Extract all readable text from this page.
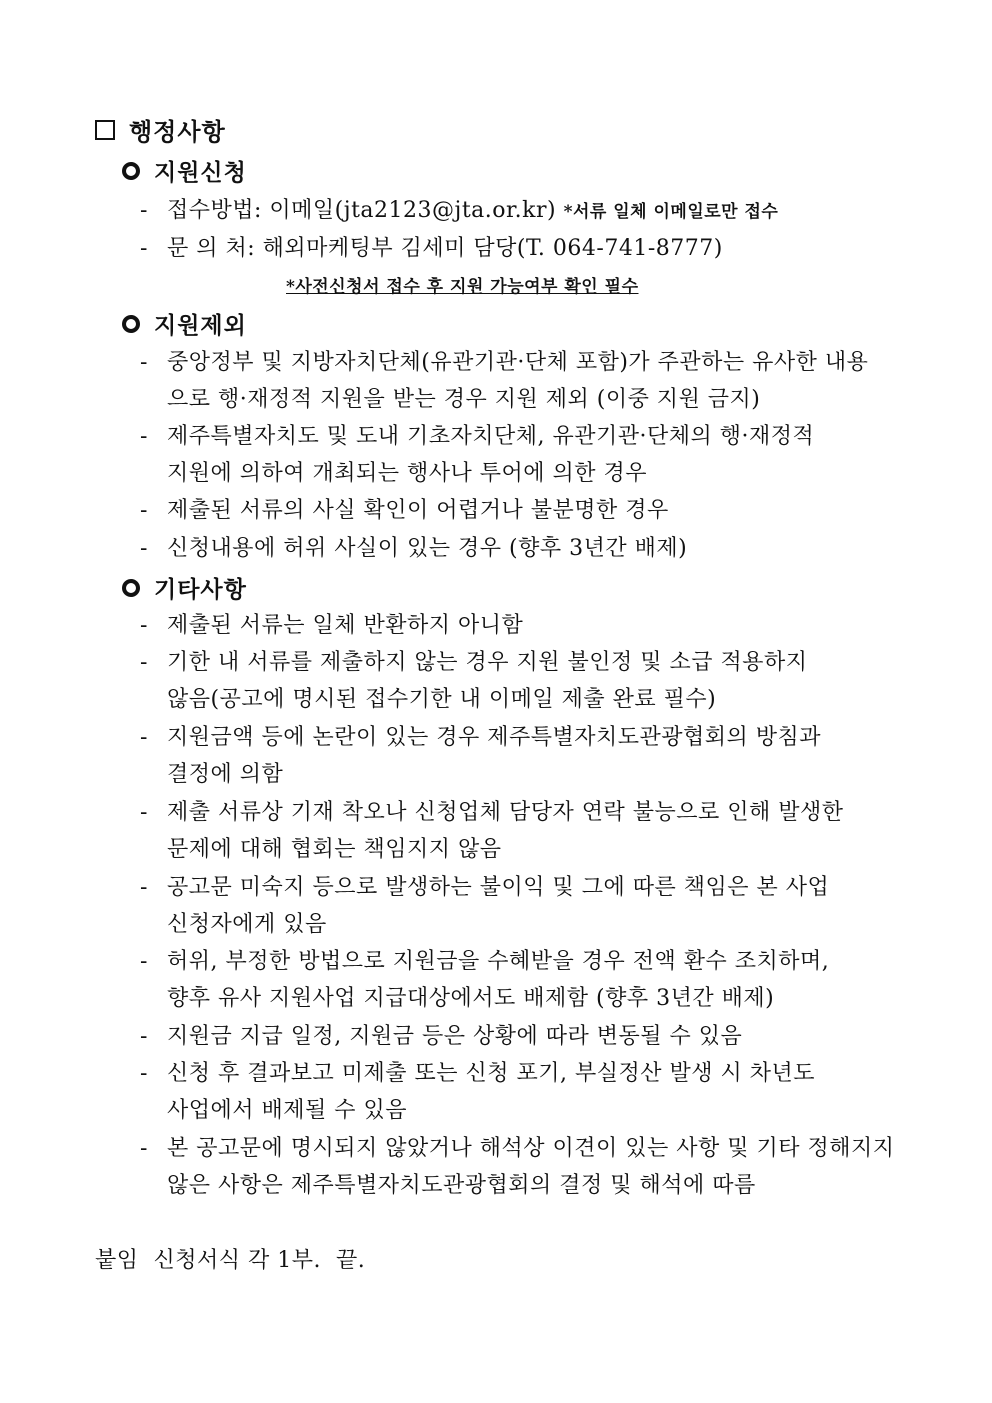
행정사항
지원신청
- 접수방법: 이메일(jta2123@jta.or.kr) *서류 일체 이메일로만 접수
- 문 의 처: 해외마케팅부 김세미 담당(T. 064-741-8777)
*사전신청서 접수 후 지원 가능여부 확인 필수
지원제외
- 중앙정부 및 지방자치단체(유관기관·단체 포함)가 주관하는 유사한 내용
으로 행·재정적 지원을 받는 경우 지원 제외 (이중 지원 금지)
- 제주특별자치도 및 도내 기초자치단체, 유관기관·단체의 행·재정적
지원에 의하여 개최되는 행사나 투어에 의한 경우
- 제출된 서류의 사실 확인이 어렵거나 불분명한 경우
- 신청내용에 허위 사실이 있는 경우 (향후 3년간 배제)
기타사항
- 제출된 서류는 일체 반환하지 아니함
- 기한 내 서류를 제출하지 않는 경우 지원 불인정 및 소급 적용하지
않음(공고에 명시된 접수기한 내 이메일 제출 완료 필수)
- 지원금액 등에 논란이 있는 경우 제주특별자치도관광협회의 방침과
결정에 의함
- 제출 서류상 기재 착오나 신청업체 담당자 연락 불능으로 인해 발생한
문제에 대해 협회는 책임지지 않음
- 공고문 미숙지 등으로 발생하는 불이익 및 그에 따른 책임은 본 사업
신청자에게 있음
- 허위, 부정한 방법으로 지원금을 수혜받을 경우 전액 환수 조치하며,
향후 유사 지원사업 지급대상에서도 배제함 (향후 3년간 배제)
- 지원금 지급 일정, 지원금 등은 상황에 따라 변동될 수 있음
- 신청 후 결과보고 미제출 또는 신청 포기, 부실정산 발생 시 차년도
사업에서 배제될 수 있음
- 본 공고문에 명시되지 않았거나 해석상 이견이 있는 사항 및 기타 정해지지
않은 사항은 제주특별자치도관광협회의 결정 및 해석에 따름
붙임  신청서식 각 1부.  끝.
